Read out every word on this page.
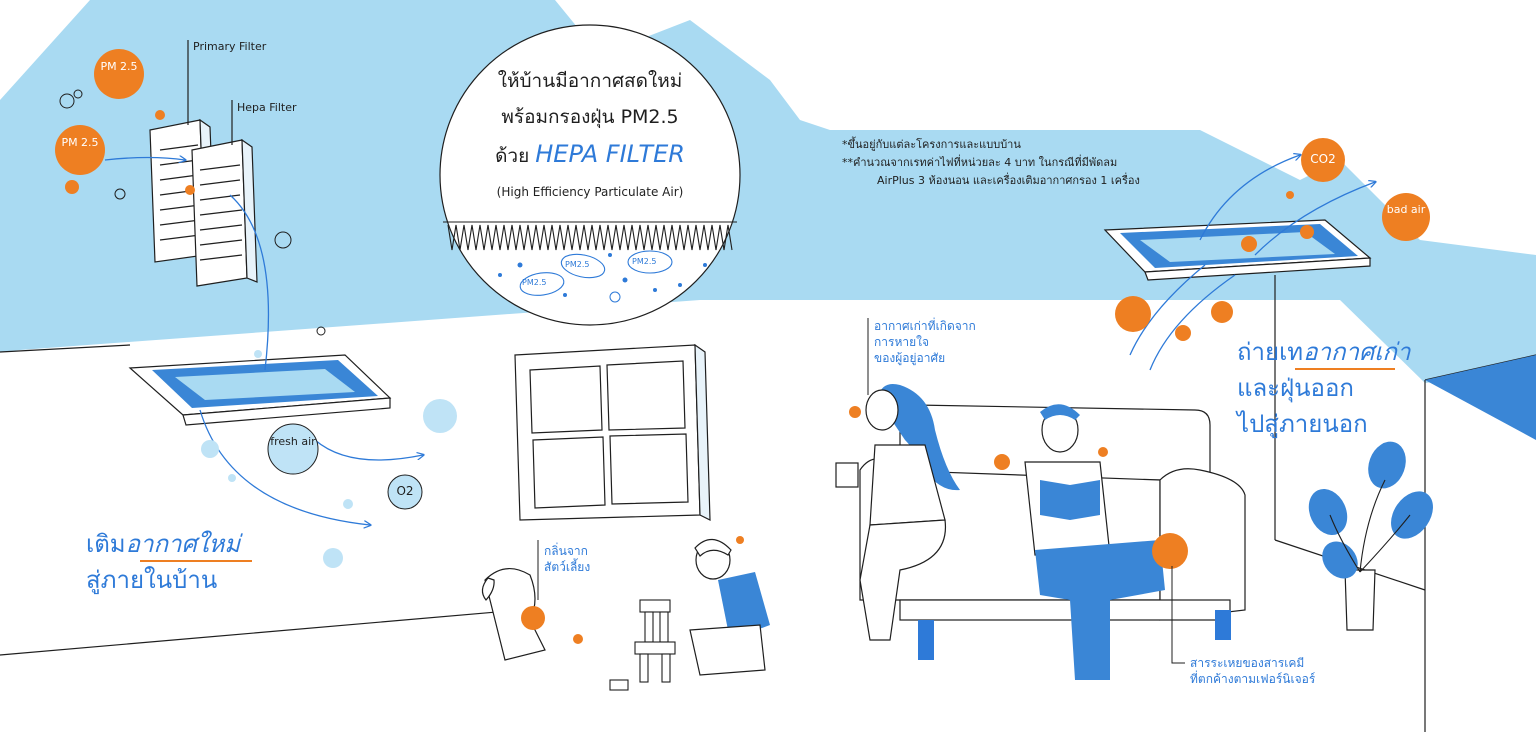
Primary Filter
Hepa Filter
PM 2.5
PM 2.5
CO2
bad air
fresh air
O2
ให้บ้านมีอากาศสดใหม่
พร้อมกรองฝุ่น PM2.5
ด้วย HEPA FILTER
(High Efficiency Particulate Air)
PM2.5
PM2.5	PM2.5
*ขึ้นอยู่กับแต่ละโครงการและแบบบ้าน
**คำนวณจากเรทค่าไฟที่หน่วยละ 4 บาท ในกรณีที่มีพัดลม
AirPlus 3 ห้องนอน และเครื่องเติมอากาศกรอง 1 เครื่อง
เติมอากาศใหม่
สู่ภายในบ้าน
ถ่ายเทอากาศเก่า
และฝุ่นออก
ไปสู่ภายนอก
อากาศเก่าที่เกิดจาก
การหายใจ
ของผู้อยู่อาศัย
กลิ่นจาก
สัตว์เลี้ยง
สารระเหยของสารเคมี
ที่ตกค้างตามเฟอร์นิเจอร์
